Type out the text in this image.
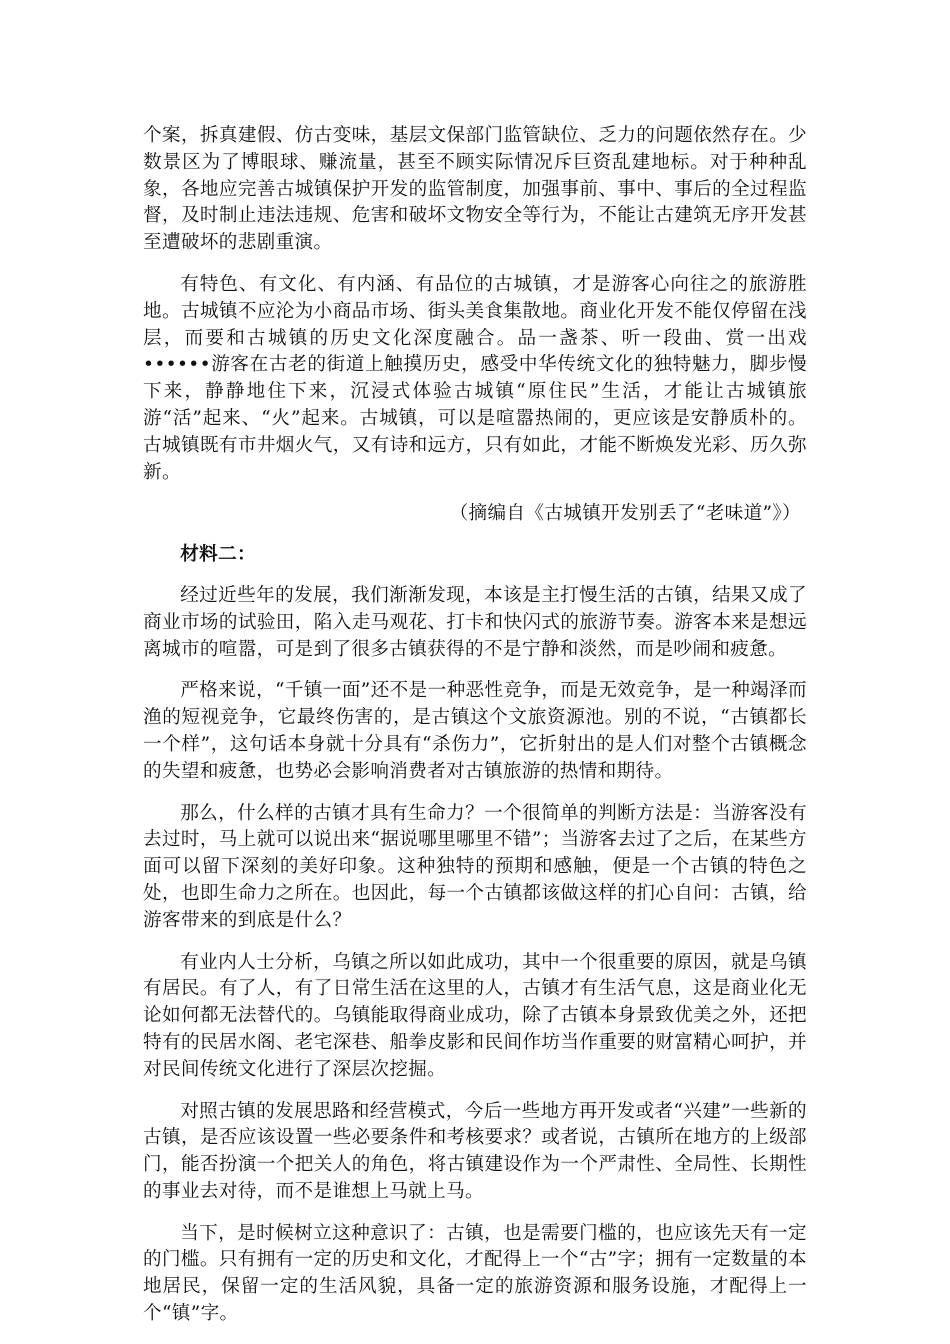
个案，拆真建假、仿古变味，基层文保部门监管缺位、乏力的问题依然存在。少数景区为了博眼球、赚流量，甚至不顾实际情况斥巨资乱建地标。对于种种乱象，各地应完善古城镇保护开发的监管制度，加强事前、事中、事后的全过程监督，及时制止违法违规、危害和破坏文物安全等行为，不能让古建筑无序开发甚至遭破坏的悲剧重演。

有特色、有文化、有内涵、有品位的古城镇，才是游客心向往之的旅游胜地。古城镇不应沦为小商品市场、街头美食集散地。商业化开发不能仅停留在浅层，而要和古城镇的历史文化深度融合。品一盏茶、听一段曲、赏一出戏••••••游客在古老的街道上触摸历史，感受中华传统文化的独特魅力，脚步慢下来，静静地住下来，沉浸式体验古城镇“原住民”生活，才能让古城镇旅游“活”起来、“火”起来。古城镇，可以是喧嚣热闹的，更应该是安静质朴的。古城镇既有市井烟火气，又有诗和远方，只有如此，才能不断焕发光彩、历久弥新。

（摘编自《古城镇开发别丢了“老味道”》）

材料二：

经过近些年的发展，我们渐渐发现，本该是主打慢生活的古镇，结果又成了商业市场的试验田，陷入走马观花、打卡和快闪式的旅游节奏。游客本来是想远离城市的喧嚣，可是到了很多古镇获得的不是宁静和淡然，而是吵闹和疲惫。

严格来说，“千镇一面”还不是一种恶性竞争，而是无效竞争，是一种竭泽而渔的短视竞争，它最终伤害的，是古镇这个文旅资源池。别的不说，“古镇都长一个样”，这句话本身就十分具有“杀伤力”，它折射出的是人们对整个古镇概念的失望和疲惫，也势必会影响消费者对古镇旅游的热情和期待。

那么，什么样的古镇才具有生命力？一个很简单的判断方法是：当游客没有去过时，马上就可以说出来“据说哪里哪里不错”；当游客去过了之后，在某些方面可以留下深刻的美好印象。这种独特的预期和感触，便是一个古镇的特色之处，也即生命力之所在。也因此，每一个古镇都该做这样的扪心自问：古镇，给游客带来的到底是什么？

有业内人士分析，乌镇之所以如此成功，其中一个很重要的原因，就是乌镇有居民。有了人，有了日常生活在这里的人，古镇才有生活气息，这是商业化无论如何都无法替代的。乌镇能取得商业成功，除了古镇本身景致优美之外，还把特有的民居水阁、老宅深巷、船拳皮影和民间作坊当作重要的财富精心呵护，并对民间传统文化进行了深层次挖掘。

对照古镇的发展思路和经营模式，今后一些地方再开发或者“兴建”一些新的古镇，是否应该设置一些必要条件和考核要求？或者说，古镇所在地方的上级部门，能否扮演一个把关人的角色，将古镇建设作为一个严肃性、全局性、长期性的事业去对待，而不是谁想上马就上马。

当下，是时候树立这种意识了：古镇，也是需要门槛的，也应该先天有一定的门槛。只有拥有一定的历史和文化，才配得上一个“古”字；拥有一定数量的本地居民，保留一定的生活风貌，具备一定的旅游资源和服务设施，才配得上一个“镇”字。
